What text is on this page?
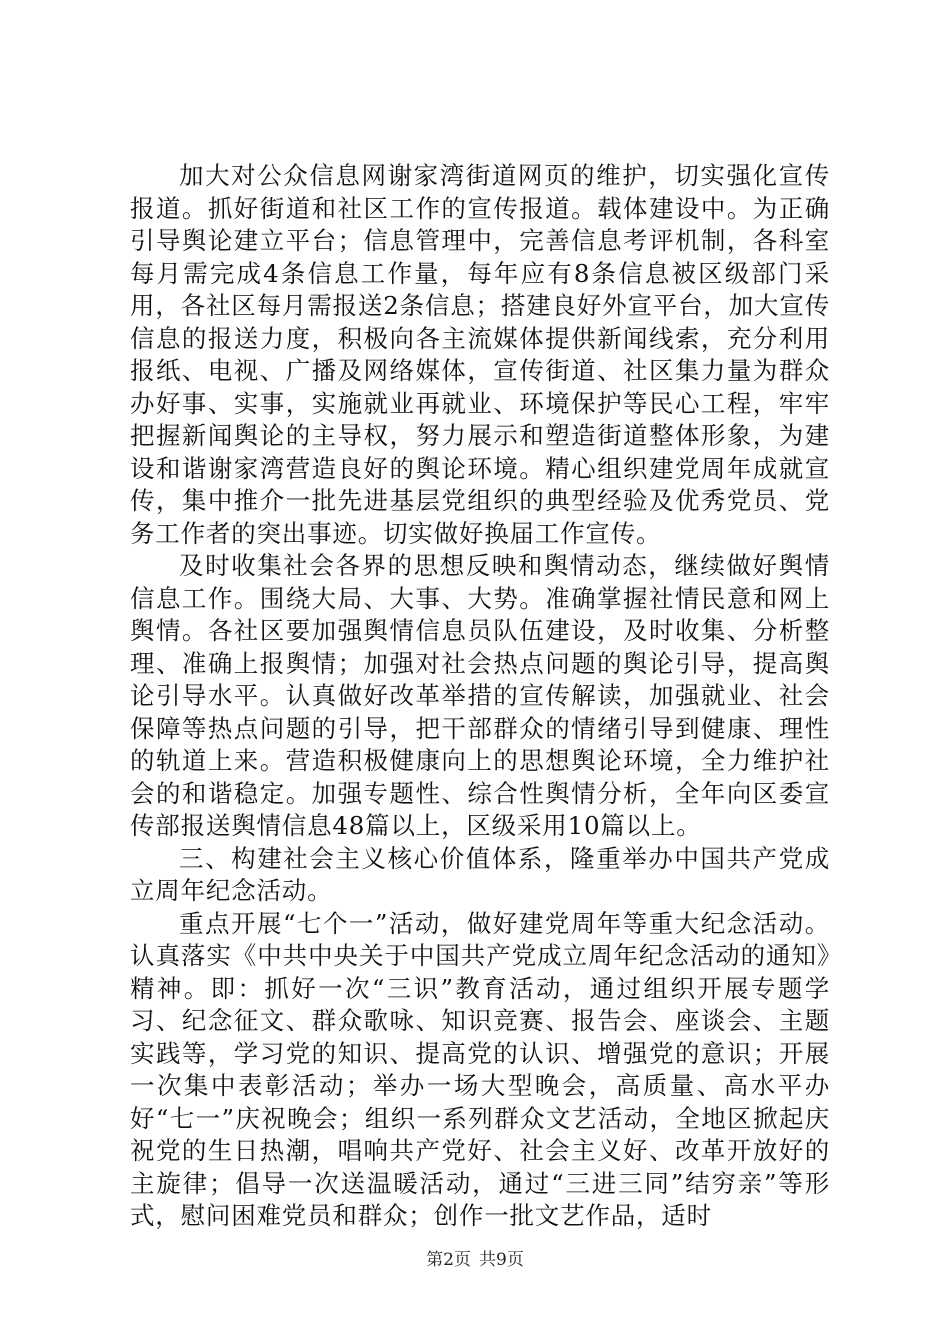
加大对公众信息网谢家湾街道网页的维护，切实强化宣传报道。抓好街道和社区工作的宣传报道。载体建设中。为正确引导舆论建立平台；信息管理中，完善信息考评机制，各科室每月需完成4条信息工作量，每年应有8条信息被区级部门采用，各社区每月需报送2条信息；搭建良好外宣平台，加大宣传信息的报送力度，积极向各主流媒体提供新闻线索，充分利用报纸、电视、广播及网络媒体，宣传街道、社区集力量为群众办好事、实事，实施就业再就业、环境保护等民心工程，牢牢把握新闻舆论的主导权，努力展示和塑造街道整体形象，为建设和谐谢家湾营造良好的舆论环境。精心组织建党周年成就宣传，集中推介一批先进基层党组织的典型经验及优秀党员、党务工作者的突出事迹。切实做好换届工作宣传。

及时收集社会各界的思想反映和舆情动态，继续做好舆情信息工作。围绕大局、大事、大势。准确掌握社情民意和网上舆情。各社区要加强舆情信息员队伍建设，及时收集、分析整理、准确上报舆情；加强对社会热点问题的舆论引导，提高舆论引导水平。认真做好改革举措的宣传解读，加强就业、社会保障等热点问题的引导，把干部群众的情绪引导到健康、理性的轨道上来。营造积极健康向上的思想舆论环境，全力维护社会的和谐稳定。加强专题性、综合性舆情分析，全年向区委宣传部报送舆情信息48篇以上，区级采用10篇以上。

三、构建社会主义核心价值体系，隆重举办中国共产党成立周年纪念活动。

重点开展“七个一”活动，做好建党周年等重大纪念活动。认真落实《中共中央关于中国共产党成立周年纪念活动的通知》精神。即：抓好一次“三识”教育活动，通过组织开展专题学习、纪念征文、群众歌咏、知识竞赛、报告会、座谈会、主题实践等，学习党的知识、提高党的认识、增强党的意识；开展一次集中表彰活动；举办一场大型晚会，高质量、高水平办好“七一”庆祝晚会；组织一系列群众文艺活动，全地区掀起庆祝党的生日热潮，唱响共产党好、社会主义好、改革开放好的主旋律；倡导一次送温暖活动，通过“三进三同”结穷亲”等形式，慰问困难党员和群众；创作一批文艺作品，适时

第2页 共9页
